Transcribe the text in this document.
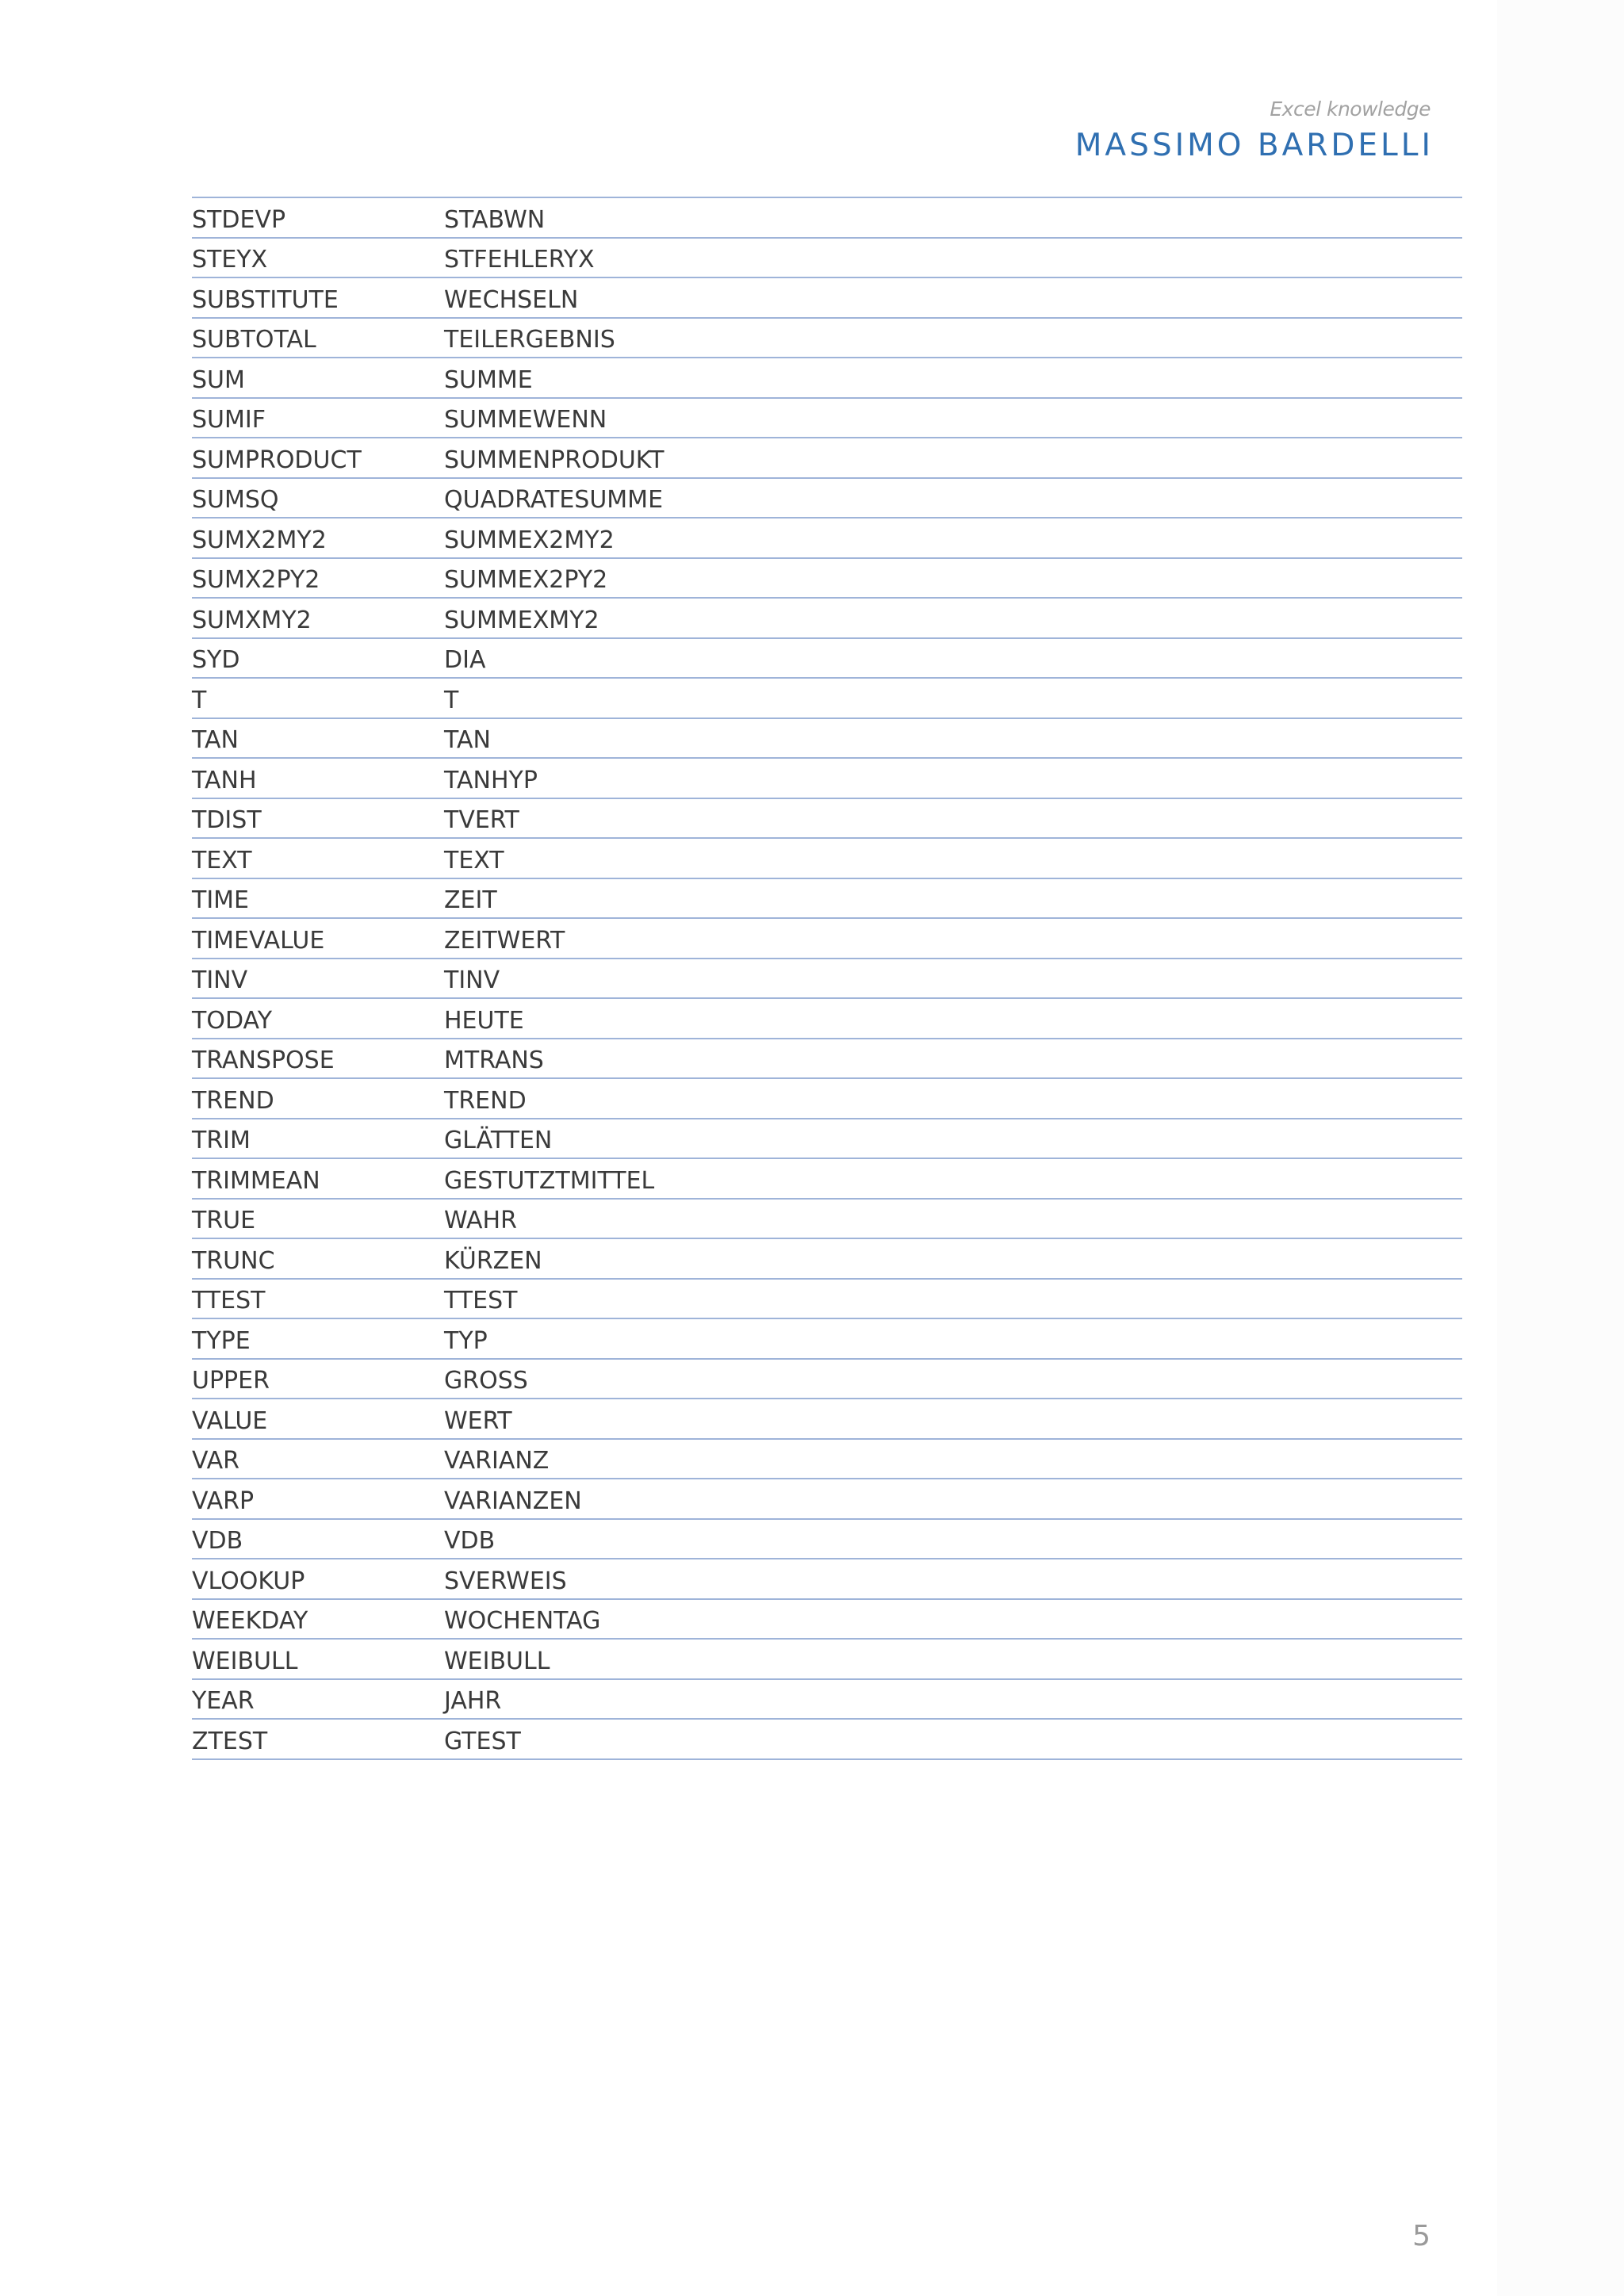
Excel knowledge
MASSIMO BARDELLI
STDEVP	STABWN
STEYX	STFEHLERYX
SUBSTITUTE	WECHSELN
SUBTOTAL	TEILERGEBNIS
SUM	SUMME
SUMIF	SUMMEWENN
SUMPRODUCT	SUMMENPRODUKT
SUMSQ	QUADRATESUMME
SUMX2MY2	SUMMEX2MY2
SUMX2PY2	SUMMEX2PY2
SUMXMY2	SUMMEXMY2
SYD	DIA
T	T
TAN	TAN
TANH	TANHYP
TDIST	TVERT
TEXT	TEXT
TIME	ZEIT
TIMEVALUE	ZEITWERT
TINV	TINV
TODAY	HEUTE
TRANSPOSE	MTRANS
TREND	TREND
TRIM	GLÄTTEN
TRIMMEAN	GESTUTZTMITTEL
TRUE	WAHR
TRUNC	KÜRZEN
TTEST	TTEST
TYPE	TYP
UPPER	GROSS
VALUE	WERT
VAR	VARIANZ
VARP	VARIANZEN
VDB	VDB
VLOOKUP	SVERWEIS
WEEKDAY	WOCHENTAG
WEIBULL	WEIBULL
YEAR	JAHR
ZTEST	GTEST
5
